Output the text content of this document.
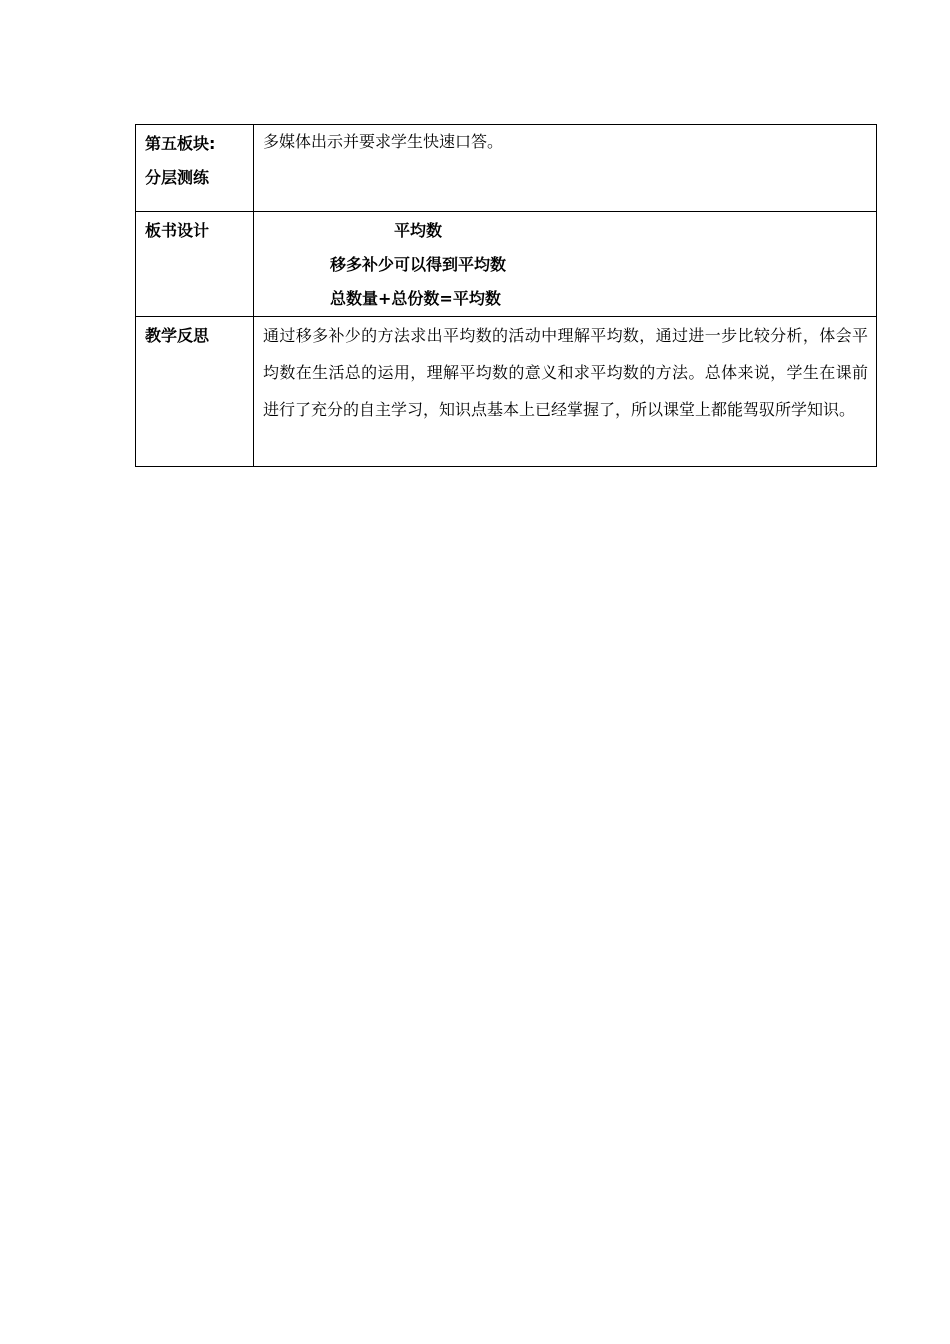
第五板块:
分层测练	多媒体出示并要求学生快速口答。

板书设计	平均数
移多补少可以得到平均数
总数量+总份数=平均数

教学反思	通过移多补少的方法求出平均数的活动中理解平均数，通过进一步比较分析，体会平均数在生活总的运用，理解平均数的意义和求平均数的方法。总体来说，学生在课前进行了充分的自主学习，知识点基本上已经掌握了，所以课堂上都能驾驭所学知识。
